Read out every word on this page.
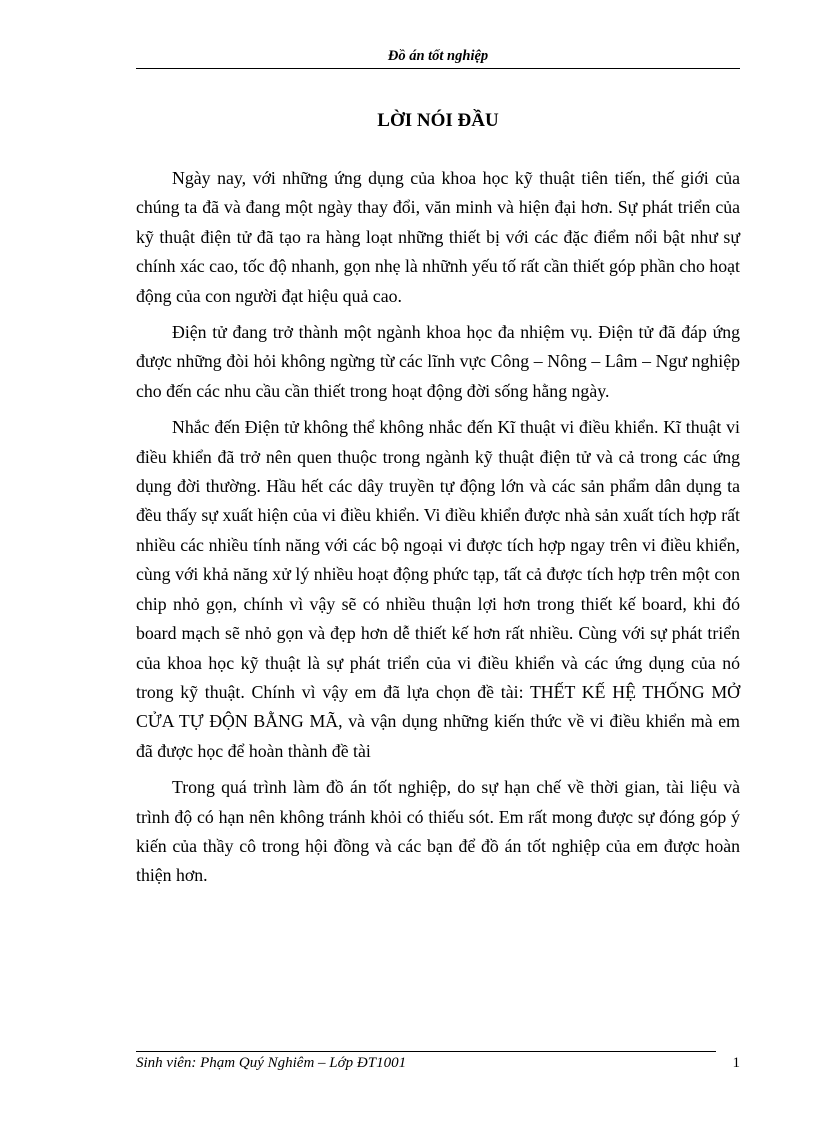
Đồ án tốt nghiệp
LỜI NÓI ĐẦU

Ngày nay, với những ứng dụng của khoa học kỹ thuật tiên tiến, thế giới của chúng ta đã và đang một ngày thay đổi, văn minh và hiện đại hơn. Sự phát triển của kỹ thuật điện tử đã tạo ra hàng loạt những thiết bị với các đặc điểm nổi bật như sự chính xác cao, tốc độ nhanh, gọn nhẹ là nhữnh yếu tố rất cần thiết góp phần cho hoạt động của con người đạt hiệu quả cao.

Điện tử đang trở thành một ngành khoa học đa nhiệm vụ. Điện tử đã đáp ứng được những đòi hỏi không ngừng từ các lĩnh vực Công – Nông – Lâm – Ngư nghiệp cho đến các nhu cầu cần thiết trong hoạt động đời sống hằng ngày.

Nhắc đến Điện tử không thể không nhắc đến Kĩ thuật vi điều khiển. Kĩ thuật vi điều khiển đã trở nên quen thuộc trong ngành kỹ thuật điện tử và cả trong các ứng dụng đời thường. Hầu hết các dây truyền tự động lớn và các sản phẩm dân dụng ta đều thấy sự xuất hiện của vi điều khiển. Vi điều khiển được nhà sản xuất tích hợp rất nhiều các nhiều tính năng với các bộ ngoại vi được tích hợp ngay trên vi điều khiển, cùng với khả năng xử lý nhiều hoạt động phức tạp, tất cả được tích hợp trên một con chip nhỏ gọn, chính vì vậy sẽ có nhiều thuận lợi hơn trong thiết kế board, khi đó board mạch sẽ nhỏ gọn và đẹp hơn dễ thiết kế hơn rất nhiều. Cùng với sự phát triển của khoa học kỹ thuật là sự phát triển của vi điều khiển và các ứng dụng của nó trong kỹ thuật. Chính vì vậy em đã lựa chọn đề tài: THẾT KẾ HỆ THỐNG MỞ CỬA TỰ ĐỘN BẰNG MÃ, và vận dụng những kiến thức về vi điều khiển mà em đã được học để hoàn thành đề tài

Trong quá trình làm đồ án tốt nghiệp, do sự hạn chế về thời gian, tài liệu và trình độ có hạn nên không tránh khỏi có thiếu sót. Em rất mong được sự đóng góp ý kiến của thầy cô trong hội đồng và các bạn để đồ án tốt nghiệp của em được hoàn thiện hơn.

Sinh viên: Phạm Quý Nghiêm – Lớp ĐT1001	1
